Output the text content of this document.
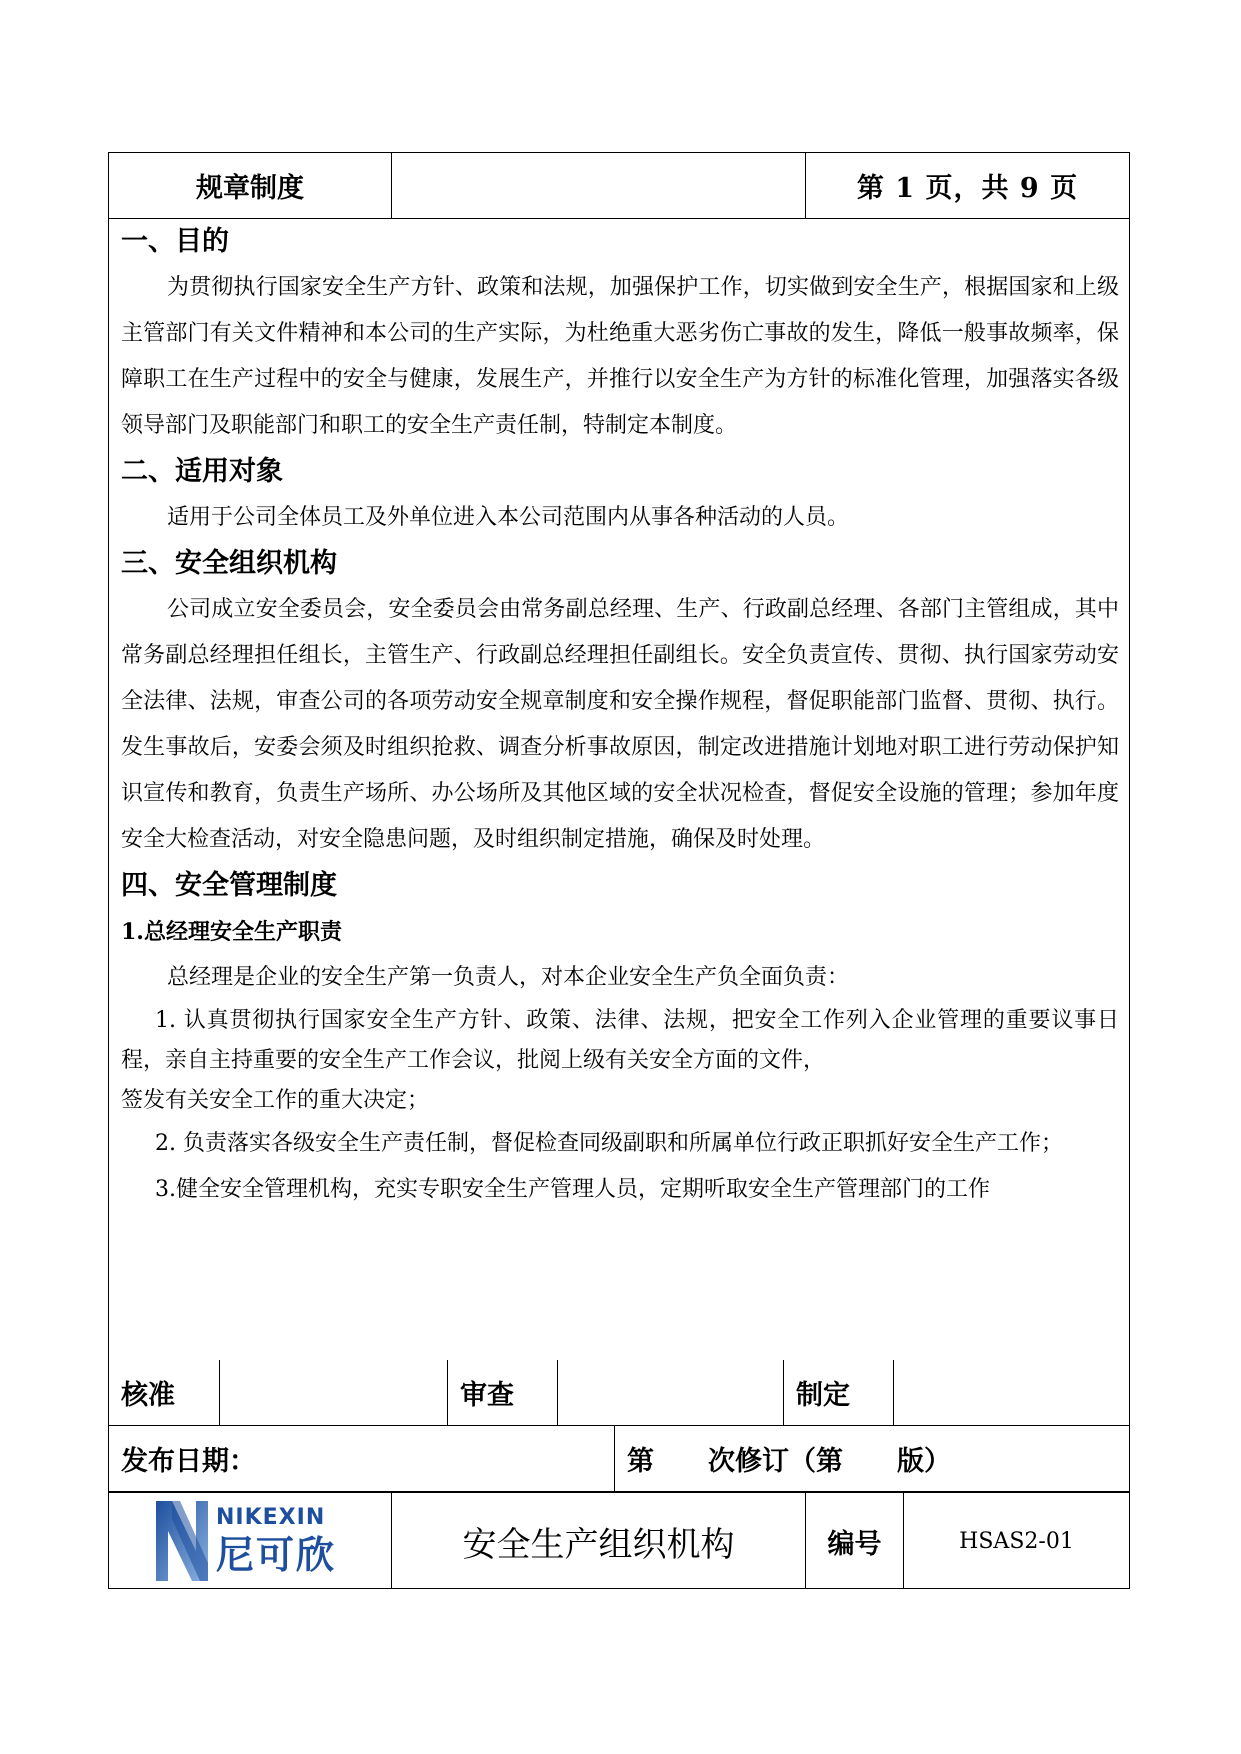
规章制度	第 1 页，共 9 页

一、目的

为贯彻执行国家安全生产方针、政策和法规，加强保护工作，切实做到安全生产，根据国家和上级主管部门有关文件精神和本公司的生产实际，为杜绝重大恶劣伤亡事故的发生，降低一般事故频率，保障职工在生产过程中的安全与健康，发展生产，并推行以安全生产为方针的标准化管理，加强落实各级领导部门及职能部门和职工的安全生产责任制，特制定本制度。

二、适用对象

适用于公司全体员工及外单位进入本公司范围内从事各种活动的人员。

三、安全组织机构

公司成立安全委员会，安全委员会由常务副总经理、生产、行政副总经理、各部门主管组成，其中常务副总经理担任组长，主管生产、行政副总经理担任副组长。安全负责宣传、贯彻、执行国家劳动安全法律、法规，审查公司的各项劳动安全规章制度和安全操作规程，督促职能部门监督、贯彻、执行。发生事故后，安委会须及时组织抢救、调查分析事故原因，制定改进措施计划地对职工进行劳动保护知识宣传和教育，负责生产场所、办公场所及其他区域的安全状况检查，督促安全设施的管理；参加年度安全大检查活动，对安全隐患问题，及时组织制定措施，确保及时处理。

四、安全管理制度

1.总经理安全生产职责

总经理是企业的安全生产第一负责人，对本企业安全生产负全面负责：

1. 认真贯彻执行国家安全生产方针、政策、法律、法规，把安全工作列入企业管理的重要议事日程，亲自主持重要的安全生产工作会议，批阅上级有关安全方面的文件，

签发有关安全工作的重大决定；

2. 负责落实各级安全生产责任制，督促检查同级副职和所属单位行政正职抓好安全生产工作；

3.健全安全管理机构，充实专职安全生产管理人员，定期听取安全生产管理部门的工作

核准	审查	制定
发布日期：	第　　次修订（第　　版）
NIKEXIN
尼可欣	安全生产组织机构	编号	HSAS2-01
